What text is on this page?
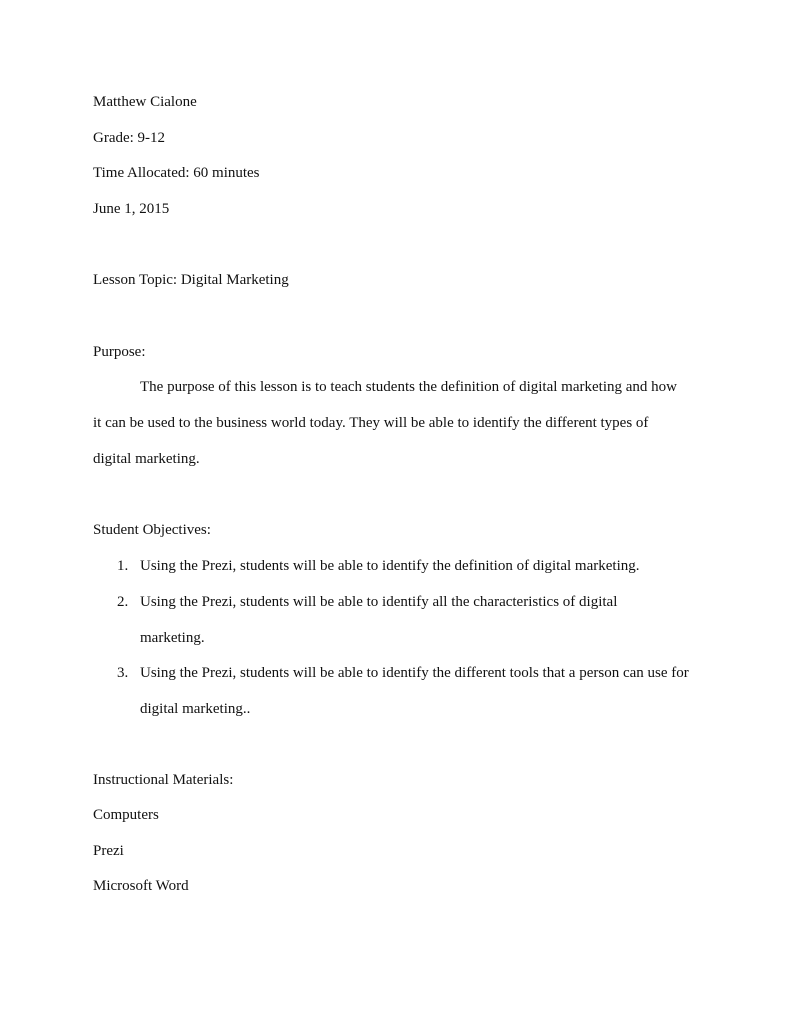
Matthew Cialone
Grade: 9-12
Time Allocated: 60 minutes
June 1, 2015
Lesson Topic: Digital Marketing
Purpose:
The purpose of this lesson is to teach students the definition of digital marketing and how
it can be used to the business world today. They will be able to identify the different types of
digital marketing.
Student Objectives:
1. Using the Prezi, students will be able to identify the definition of digital marketing.
2. Using the Prezi, students will be able to identify all the characteristics of digital marketing.
3. Using the Prezi, students will be able to identify the different tools that a person can use for digital marketing..
Instructional Materials:
Computers
Prezi
Microsoft Word
